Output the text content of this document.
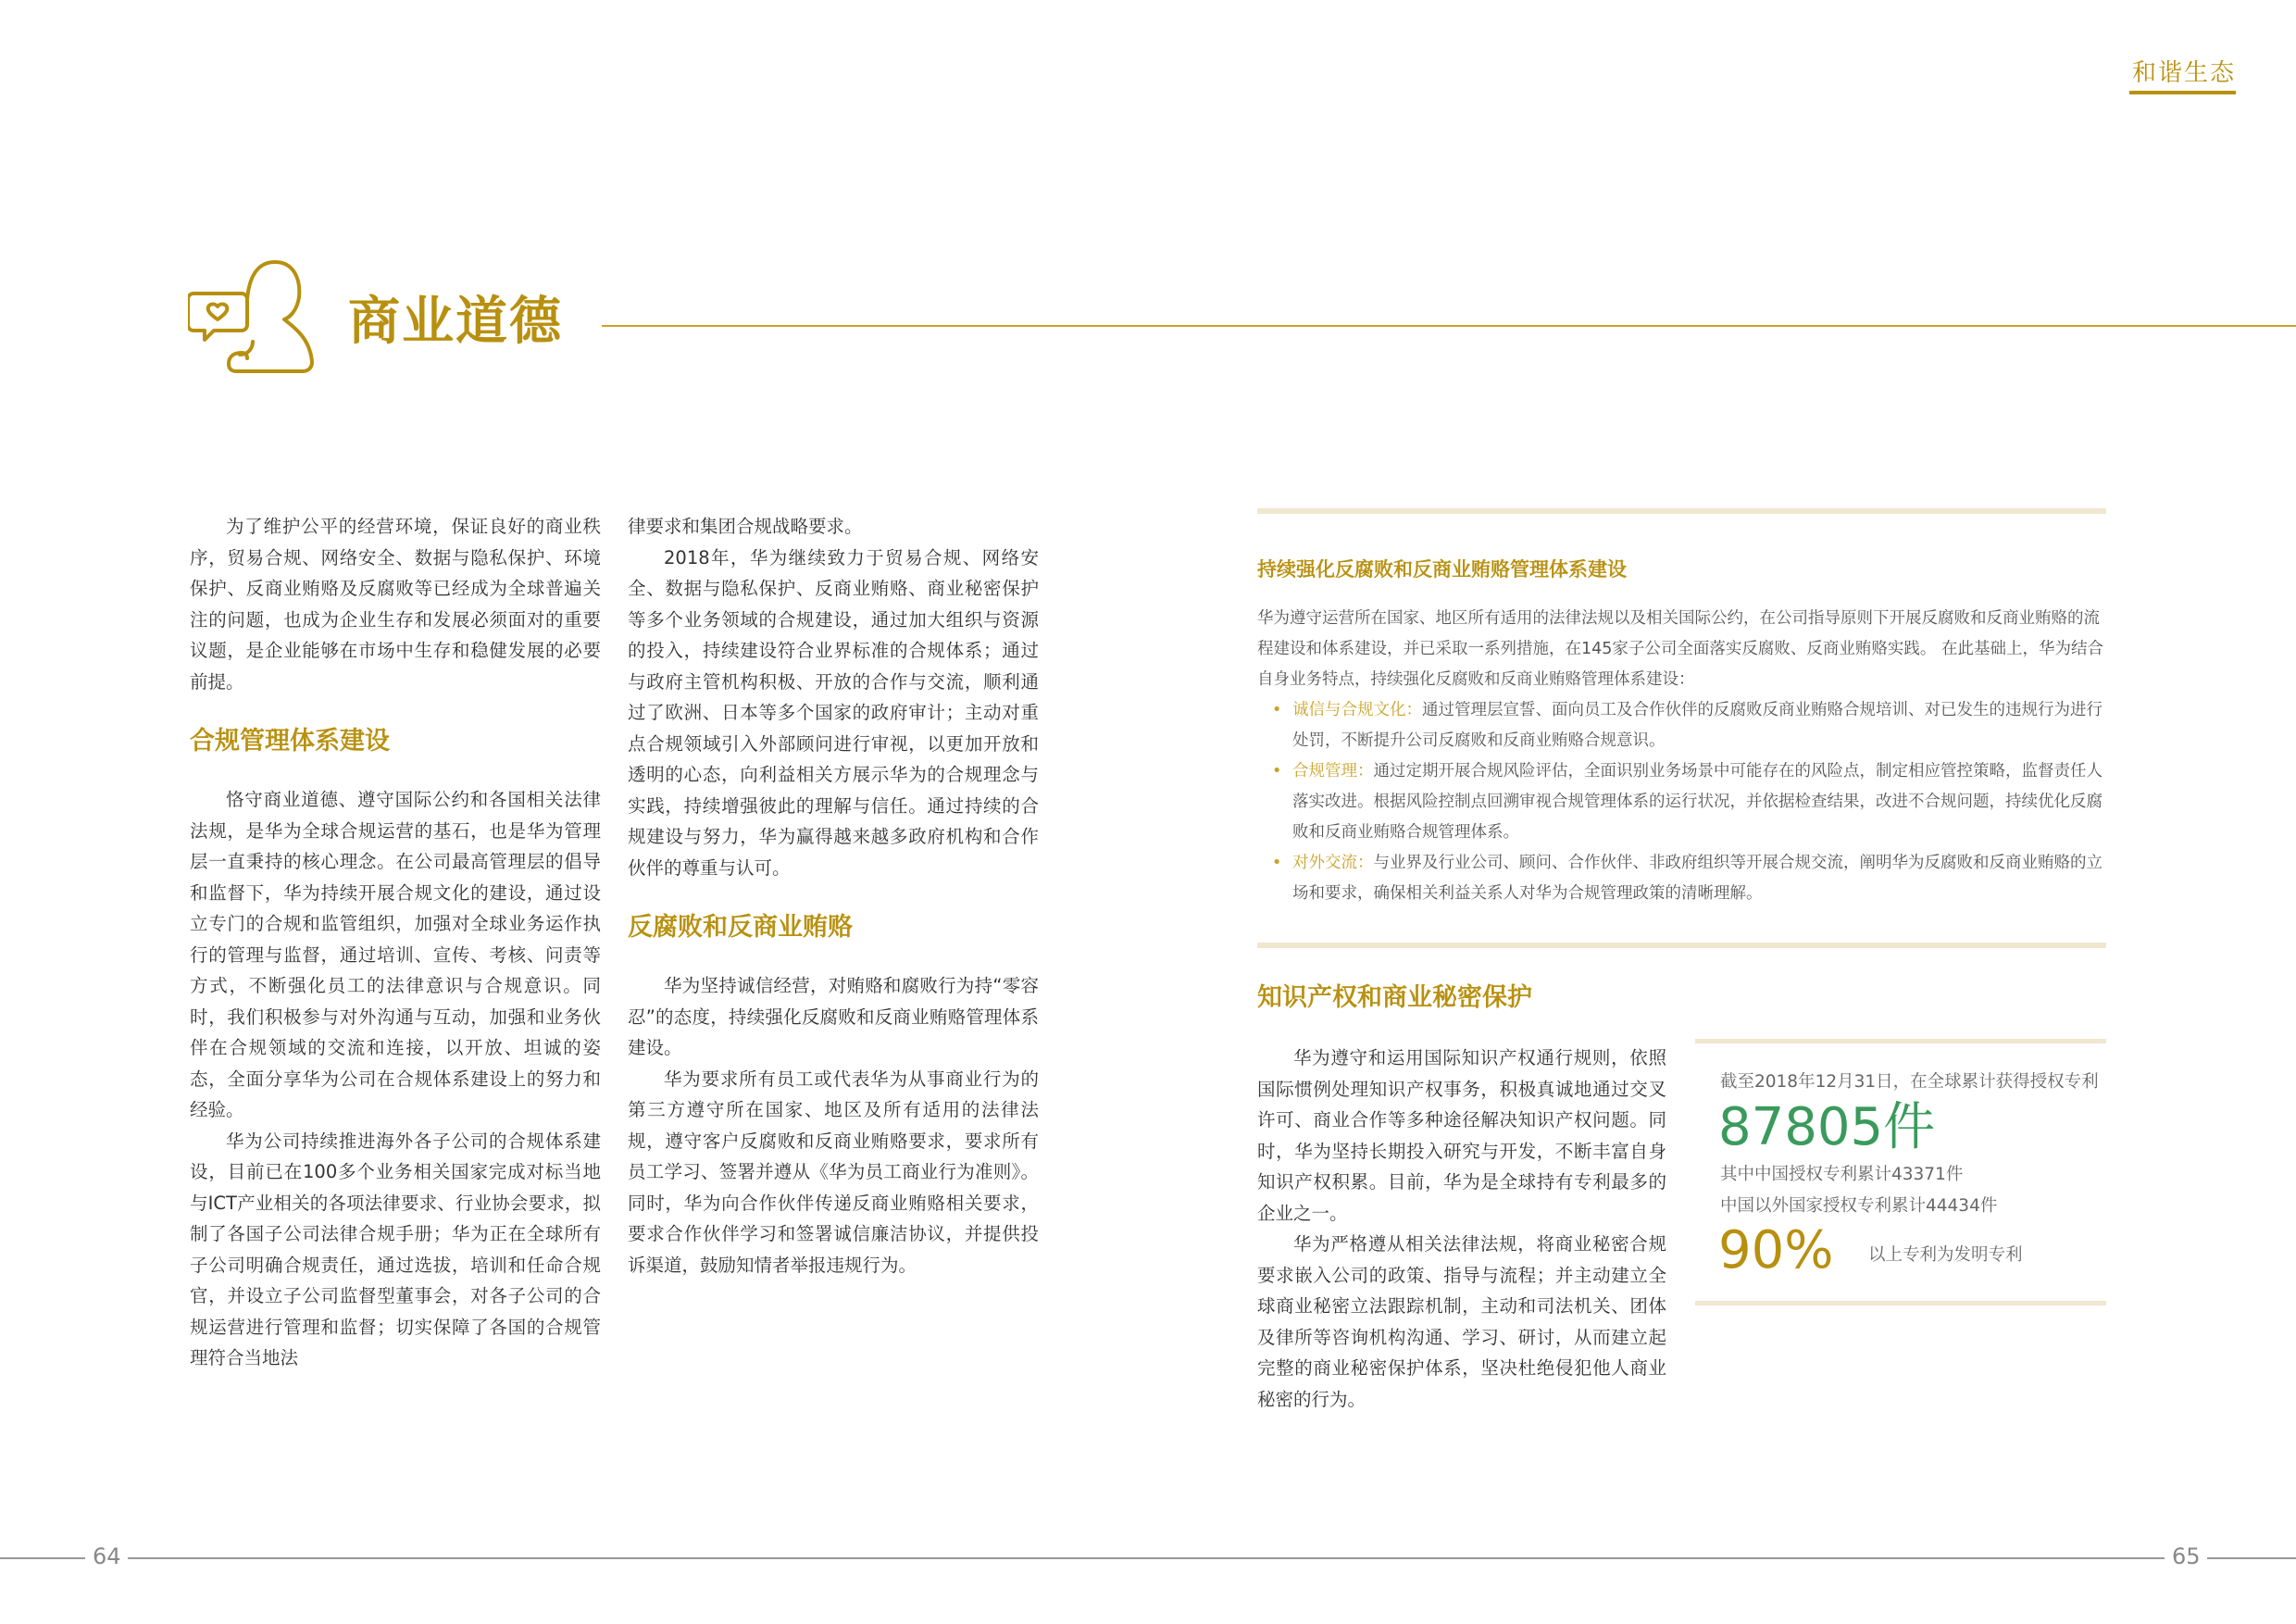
和谐生态
商业道德

为了维护公平的经营环境，保证良好的商业秩序，贸易合规、网络安全、数据与隐私保护、环境保护、反商业贿赂及反腐败等已经成为全球普遍关注的问题，也成为企业生存和发展必须面对的重要议题，是企业能够在市场中生存和稳健发展的必要前提。

合规管理体系建设

恪守商业道德、遵守国际公约和各国相关法律法规，是华为全球合规运营的基石，也是华为管理层一直秉持的核心理念。在公司最高管理层的倡导和监督下，华为持续开展合规文化的建设，通过设立专门的合规和监管组织，加强对全球业务运作执行的管理与监督，通过培训、宣传、考核、问责等方式，不断强化员工的法律意识与合规意识。同时，我们积极参与对外沟通与互动，加强和业务伙伴在合规领域的交流和连接，以开放、坦诚的姿态，全面分享华为公司在合规体系建设上的努力和经验。

华为公司持续推进海外各子公司的合规体系建设，目前已在100多个业务相关国家完成对标当地与ICT产业相关的各项法律要求、行业协会要求，拟制了各国子公司法律合规手册；华为正在全球所有子公司明确合规责任，通过选拔，培训和任命合规官，并设立子公司监督型董事会，对各子公司的合规运营进行管理和监督；切实保障了各国的合规管理符合当地法

律要求和集团合规战略要求。

2018年，华为继续致力于贸易合规、网络安全、数据与隐私保护、反商业贿赂、商业秘密保护等多个业务领域的合规建设，通过加大组织与资源的投入，持续建设符合业界标准的合规体系；通过与政府主管机构积极、开放的合作与交流，顺利通过了欧洲、日本等多个国家的政府审计；主动对重点合规领域引入外部顾问进行审视，以更加开放和透明的心态，向利益相关方展示华为的合规理念与实践，持续增强彼此的理解与信任。通过持续的合规建设与努力，华为赢得越来越多政府机构和合作伙伴的尊重与认可。

反腐败和反商业贿赂

华为坚持诚信经营，对贿赂和腐败行为持“零容忍”的态度，持续强化反腐败和反商业贿赂管理体系建设。

华为要求所有员工或代表华为从事商业行为的第三方遵守所在国家、地区及所有适用的法律法规，遵守客户反腐败和反商业贿赂要求，要求所有员工学习、签署并遵从《华为员工商业行为准则》。同时，华为向合作伙伴传递反商业贿赂相关要求，要求合作伙伴学习和签署诚信廉洁协议，并提供投诉渠道，鼓励知情者举报违规行为。

持续强化反腐败和反商业贿赂管理体系建设

华为遵守运营所在国家、地区所有适用的法律法规以及相关国际公约，在公司指导原则下开展反腐败和反商业贿赂的流程建设和体系建设，并已采取一系列措施，在145家子公司全面落实反腐败、反商业贿赂实践。 在此基础上，华为结合自身业务特点，持续强化反腐败和反商业贿赂管理体系建设：

• 诚信与合规文化：通过管理层宣誓、面向员工及合作伙伴的反腐败反商业贿赂合规培训、对已发生的违规行为进行处罚，不断提升公司反腐败和反商业贿赂合规意识。
• 合规管理：通过定期开展合规风险评估，全面识别业务场景中可能存在的风险点，制定相应管控策略，监督责任人落实改进。根据风险控制点回溯审视合规管理体系的运行状况，并依据检查结果，改进不合规问题，持续优化反腐败和反商业贿赂合规管理体系。
• 对外交流：与业界及行业公司、顾问、合作伙伴、非政府组织等开展合规交流，阐明华为反腐败和反商业贿赂的立场和要求，确保相关利益关系人对华为合规管理政策的清晰理解。
知识产权和商业秘密保护

华为遵守和运用国际知识产权通行规则，依照国际惯例处理知识产权事务，积极真诚地通过交叉许可、商业合作等多种途径解决知识产权问题。同时，华为坚持长期投入研究与开发，不断丰富自身知识产权积累。目前，华为是全球持有专利最多的企业之一。

华为严格遵从相关法律法规，将商业秘密合规要求嵌入公司的政策、指导与流程；并主动建立全球商业秘密立法跟踪机制，主动和司法机关、团体及律所等咨询机构沟通、学习、研讨，从而建立起完整的商业秘密保护体系，坚决杜绝侵犯他人商业秘密的行为。

截至2018年12月31日，在全球累计获得授权专利
87805件
其中中国授权专利累计43371件
中国以外国家授权专利累计44434件
90% 以上专利为发明专利
64	65
